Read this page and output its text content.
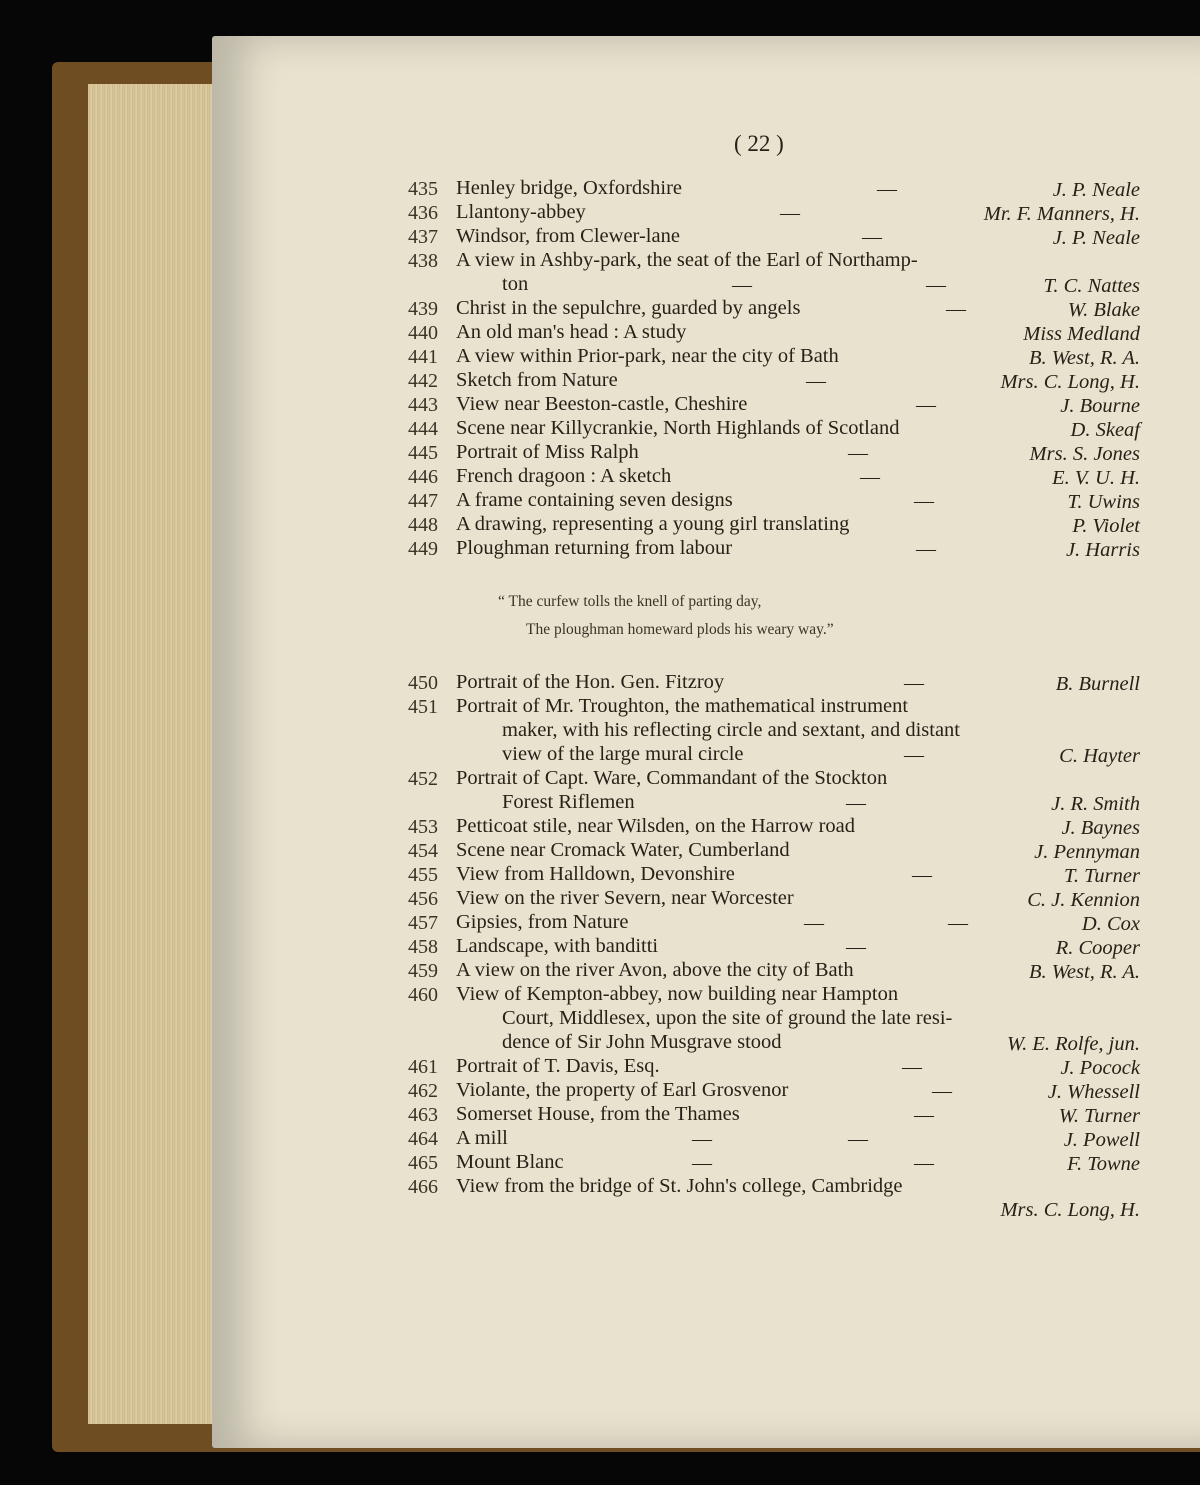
( 22 )
435 Henley bridge, Oxfordshire	—	J. P. Neale
436 Llantony-abbey	—	Mr. F. Manners, H.
437 Windsor, from Clewer-lane	—	J. P. Neale
438 A view in Ashby-park, the seat of the Earl of Northamp-
ton	—	—	T. C. Nattes
439 Christ in the sepulchre, guarded by angels	—	W. Blake
440 An old man's head : A study	Miss Medland
441 A view within Prior-park, near the city of Bath	B. West, R. A.
442 Sketch from Nature	—	Mrs. C. Long, H.
443 View near Beeston-castle, Cheshire	—	J. Bourne
444 Scene near Killycrankie, North Highlands of Scotland	D. Skeaf
445 Portrait of Miss Ralph	—	Mrs. S. Jones
446 French dragoon : A sketch	—	E. V. U. H.
447 A frame containing seven designs	—	T. Uwins
448 A drawing, representing a young girl translating	P. Violet
449 Ploughman returning from labour	—	J. Harris
450 Portrait of the Hon. Gen. Fitzroy	—	B. Burnell
451 Portrait of Mr. Troughton, the mathematical instrument
maker, with his reflecting circle and sextant, and distant
view of the large mural circle	—	C. Hayter
452 Portrait of Capt. Ware, Commandant of the Stockton
Forest Riflemen	—	J. R. Smith
453 Petticoat stile, near Wilsden, on the Harrow road	J. Baynes
454 Scene near Cromack Water, Cumberland	J. Pennyman
455 View from Halldown, Devonshire	—	T. Turner
456 View on the river Severn, near Worcester	C. J. Kennion
457 Gipsies, from Nature	—	—	D. Cox
458 Landscape, with banditti	—	R. Cooper
459 A view on the river Avon, above the city of Bath	B. West, R. A.
460 View of Kempton-abbey, now building near Hampton
Court, Middlesex, upon the site of ground the late resi-
dence of Sir John Musgrave stood	W. E. Rolfe, jun.
461 Portrait of T. Davis, Esq.	—	J. Pocock
462 Violante, the property of Earl Grosvenor	—	J. Whessell
463 Somerset House, from the Thames	—	W. Turner
464 A mill	—	—	J. Powell
465 Mount Blanc	—	—	F. Towne
466 View from the bridge of St. John's college, Cambridge
Mrs. C. Long, H.
“ The curfew tolls the knell of parting day,
The ploughman homeward plods his weary way.”
